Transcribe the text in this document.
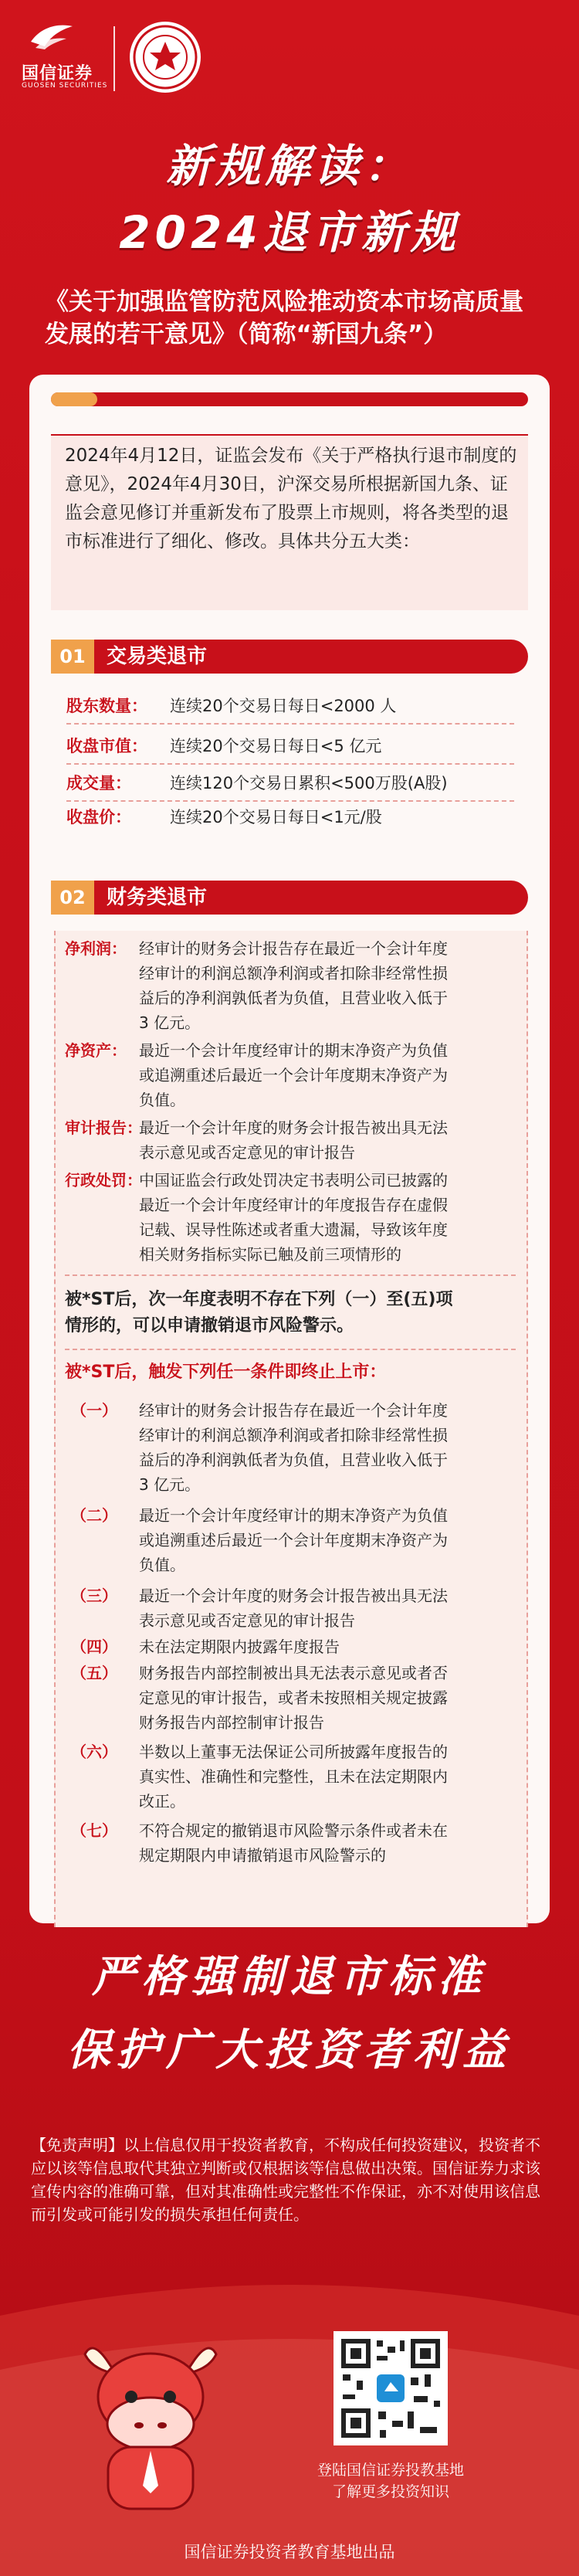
国信证券
GUOSEN SECURITIES
新规解读：
2024退市新规
《关于加强监管防范风险推动资本市场高质量发展的若干意见》（简称“新国九条”）
2024年4月12日，证监会发布《关于严格执行退市制度的意见》，2024年4月30日，沪深交易所根据新国九条、证监会意见修订并重新发布了股票上市规则，将各类型的退市标准进行了细化、修改。具体共分五大类：
01	交易类退市
股东数量： 连续20个交易日每日<2000 人
收盘市值： 连续20个交易日每日<5 亿元
成交量： 连续120个交易日累积<500万股(A股)
收盘价： 连续20个交易日每日<1元/股
02	财务类退市
净利润： 经审计的财务会计报告存在最近一个会计年度
经审计的利润总额净利润或者扣除非经常性损
益后的净利润孰低者为负值，且营业收入低于
3 亿元。
净资产： 最近一个会计年度经审计的期末净资产为负值
或追溯重述后最近一个会计年度期末净资产为
负值。
审计报告：
最近一个会计年度的财务会计报告被出具无法
表示意见或否定意见的审计报告
行政处罚：
中国证监会行政处罚决定书表明公司已披露的
最近一个会计年度经审计的年度报告存在虚假
记载、误导性陈述或者重大遗漏，导致该年度
相关财务指标实际已触及前三项情形的
被*ST后，次一年度表明不存在下列（一）至(五)项
情形的，可以申请撤销退市风险警示。
被*ST后，触发下列任一条件即终止上市：
（一） 经审计的财务会计报告存在最近一个会计年度
经审计的利润总额净利润或者扣除非经常性损
益后的净利润孰低者为负值，且营业收入低于
3 亿元。
（二） 最近一个会计年度经审计的期末净资产为负值
或追溯重述后最近一个会计年度期末净资产为
负值。
（三） 最近一个会计年度的财务会计报告被出具无法
表示意见或否定意见的审计报告
（四） 未在法定期限内披露年度报告
（五） 财务报告内部控制被出具无法表示意见或者否
定意见的审计报告，或者未按照相关规定披露
财务报告内部控制审计报告
（六） 半数以上董事无法保证公司所披露年度报告的
真实性、准确性和完整性，且未在法定期限内
改正。
（七） 不符合规定的撤销退市风险警示条件或者未在
规定期限内申请撤销退市风险警示的
严格强制退市标准
保护广大投资者利益
【免责声明】以上信息仅用于投资者教育，不构成任何投资建议，投资者不应以该等信息取代其独立判断或仅根据该等信息做出决策。国信证券力求该宣传内容的准确可靠，但对其准确性或完整性不作保证，亦不对使用该信息而引发或可能引发的损失承担任何责任。
登陆国信证券投教基地
了解更多投资知识
国信证券投资者教育基地出品
